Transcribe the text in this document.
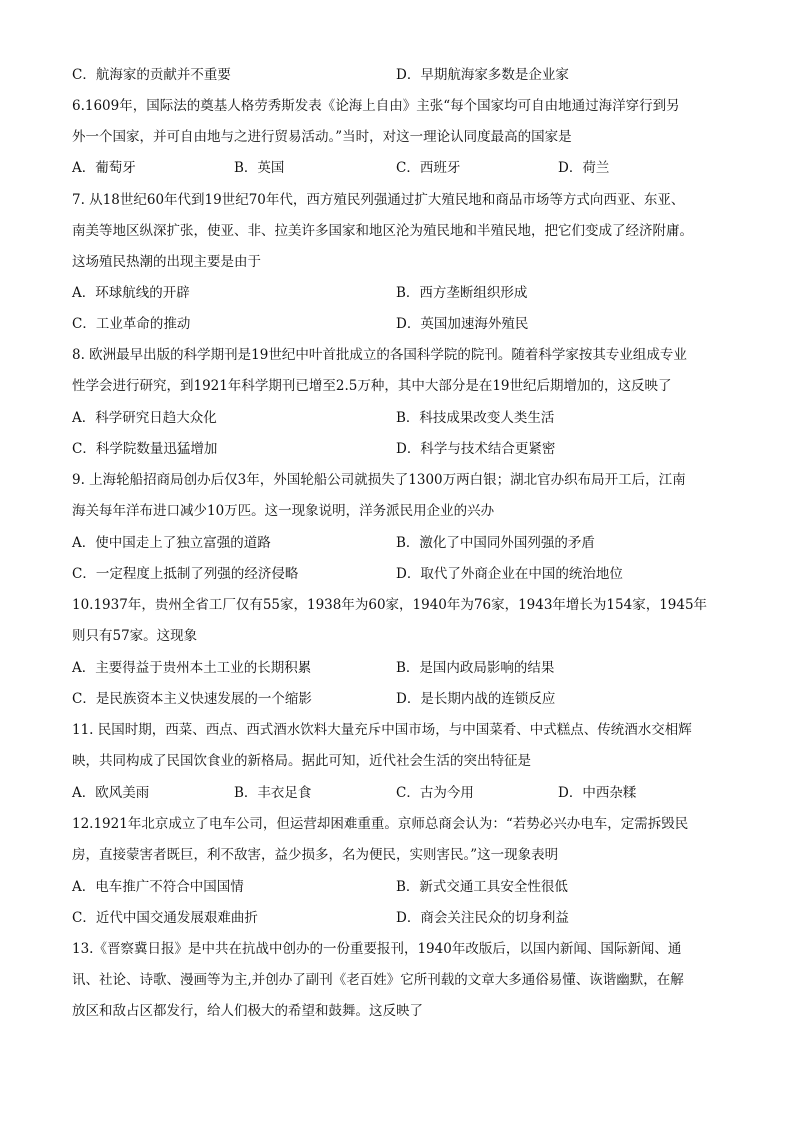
C．航海家的贡献并不重要	D．早期航海家多数是企业家
6.1609年，国际法的奠基人格劳秀斯发表《论海上自由》主张“每个国家均可自由地通过海洋穿行到另
外一个国家，并可自由地与之进行贸易活动。”当时，对这一理论认同度最高的国家是
A．葡萄牙	B．英国	C．西班牙	D．荷兰
7. 从18世纪60年代到19世纪70年代，西方殖民列强通过扩大殖民地和商品市场等方式向西亚、东亚、
南美等地区纵深扩张，使亚、非、拉美许多国家和地区沦为殖民地和半殖民地，把它们变成了经济附庸。
这场殖民热潮的出现主要是由于
A．环球航线的开辟	B．西方垄断组织形成
C．工业革命的推动	D．英国加速海外殖民
8. 欧洲最早出版的科学期刊是19世纪中叶首批成立的各国科学院的院刊。随着科学家按其专业组成专业
性学会进行研究，到1921年科学期刊已增至2.5万种，其中大部分是在19世纪后期增加的，这反映了
A．科学研究日趋大众化	B．科技成果改变人类生活
C．科学院数量迅猛增加	D．科学与技术结合更紧密
9. 上海轮船招商局创办后仅3年，外国轮船公司就损失了1300万两白银；湖北官办织布局开工后，江南
海关每年洋布进口减少10万匹。这一现象说明，洋务派民用企业的兴办
A．使中国走上了独立富强的道路	B．激化了中国同外国列强的矛盾
C．一定程度上抵制了列强的经济侵略	D．取代了外商企业在中国的统治地位
10.1937年，贵州全省工厂仅有55家，1938年为60家，1940年为76家，1943年增长为154家，1945年
则只有57家。这现象
A．主要得益于贵州本土工业的长期积累	B．是国内政局影响的结果
C．是民族资本主义快速发展的一个缩影	D．是长期内战的连锁反应
11. 民国时期，西菜、西点、西式酒水饮料大量充斥中国市场，与中国菜肴、中式糕点、传统酒水交相辉
映，共同构成了民国饮食业的新格局。据此可知，近代社会生活的突出特征是
A．欧风美雨	B．丰衣足食	C．古为今用	D．中西杂糅
12.1921年北京成立了电车公司，但运营却困难重重。京师总商会认为：“若势必兴办电车，定需拆毁民
房，直接蒙害者既巨，利不敌害，益少损多，名为便民，实则害民。”这一现象表明
A．电车推广不符合中国国情	B．新式交通工具安全性很低
C．近代中国交通发展艰难曲折	D．商会关注民众的切身利益
13.《晋察冀日报》是中共在抗战中创办的一份重要报刊，1940年改版后，以国内新闻、国际新闻、通
讯、社论、诗歌、漫画等为主,并创办了副刊《老百姓》它所刊载的文章大多通俗易懂、诙谐幽默，在解
放区和敌占区都发行，给人们极大的希望和鼓舞。这反映了
